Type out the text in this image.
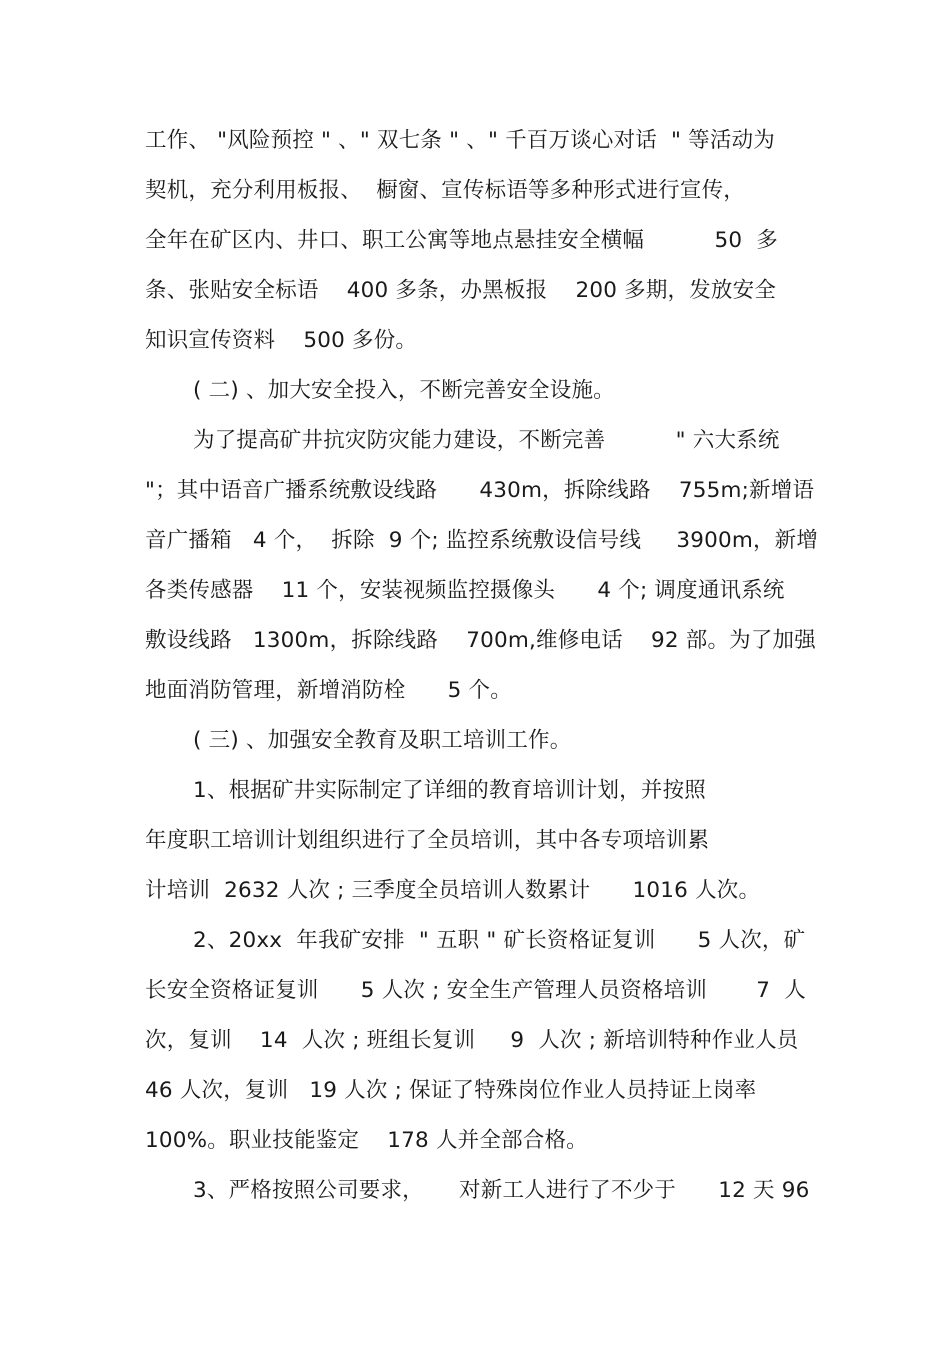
工作、 "风险预控 " 、" 双七条 " 、" 千百万谈心对话  " 等活动为
契机，充分利用板报、  橱窗、宣传标语等多种形式进行宣传，
全年在矿区内、井口、职工公寓等地点悬挂安全横幅          50  多
条、张贴安全标语    400 多条，办黑板报    200 多期，发放安全
知识宣传资料    500 多份。
( 二) 、加大安全投入，不断完善安全设施。
为了提高矿井抗灾防灾能力建设，不断完善          " 六大系统
"；其中语音广播系统敷设线路      430m，拆除线路    755m;新增语
音广播箱   4 个，  拆除  9 个; 监控系统敷设信号线     3900m，新增
各类传感器    11 个，安装视频监控摄像头      4 个; 调度通讯系统
敷设线路   1300m，拆除线路    700m,维修电话    92 部。为了加强
地面消防管理，新增消防栓      5 个。
( 三) 、加强安全教育及职工培训工作。
1、根据矿井实际制定了详细的教育培训计划，并按照
年度职工培训计划组织进行了全员培训，其中各专项培训累
计培训  2632 人次 ; 三季度全员培训人数累计      1016 人次。
2、20xx  年我矿安排  " 五职 " 矿长资格证复训      5 人次，矿
长安全资格证复训      5 人次 ; 安全生产管理人员资格培训       7  人
次，复训    14  人次 ; 班组长复训     9  人次 ; 新培训特种作业人员
46 人次，复训   19 人次 ; 保证了特殊岗位作业人员持证上岗率
100%。职业技能鉴定    178 人并全部合格。
3、严格按照公司要求，     对新工人进行了不少于      12 天 96
